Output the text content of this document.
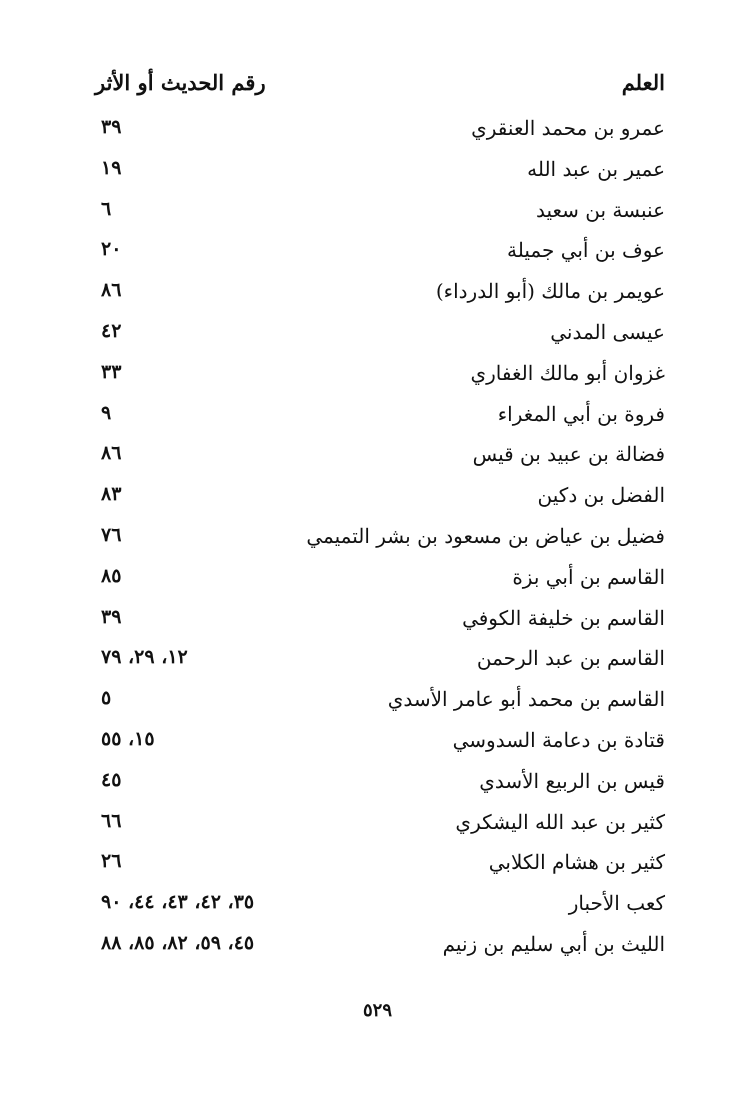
العلم
رقم الحديث أو الأثر
عمرو بن محمد العنقري
٣٩
عمير بن عبد الله
١٩
عنبسة بن سعيد
٦
عوف بن أبي جميلة
٢٠
عويمر بن مالك (أبو الدرداء)
٨٦
عيسى المدني
٤٢
غزوان أبو مالك الغفاري
٣٣
فروة بن أبي المغراء
٩
فضالة بن عبيد بن قيس
٨٦
الفضل بن دكين
٨٣
فضيل بن عياض بن مسعود بن بشر التميمي
٧٦
القاسم بن أبي بزة
٨٥
القاسم بن خليفة الكوفي
٣٩
القاسم بن عبد الرحمن
١٢، ٢٩، ٧٩
القاسم بن محمد أبو عامر الأسدي
٥
قتادة بن دعامة السدوسي
١٥، ٥٥
قيس بن الربيع الأسدي
٤٥
كثير بن عبد الله اليشكري
٦٦
كثير بن هشام الكلابي
٢٦
كعب الأحبار
٣٥، ٤٢، ٤٣، ٤٤، ٩٠
الليث بن أبي سليم بن زنيم
٤٥، ٥٩، ٨٢، ٨٥، ٨٨
٥٢٩
